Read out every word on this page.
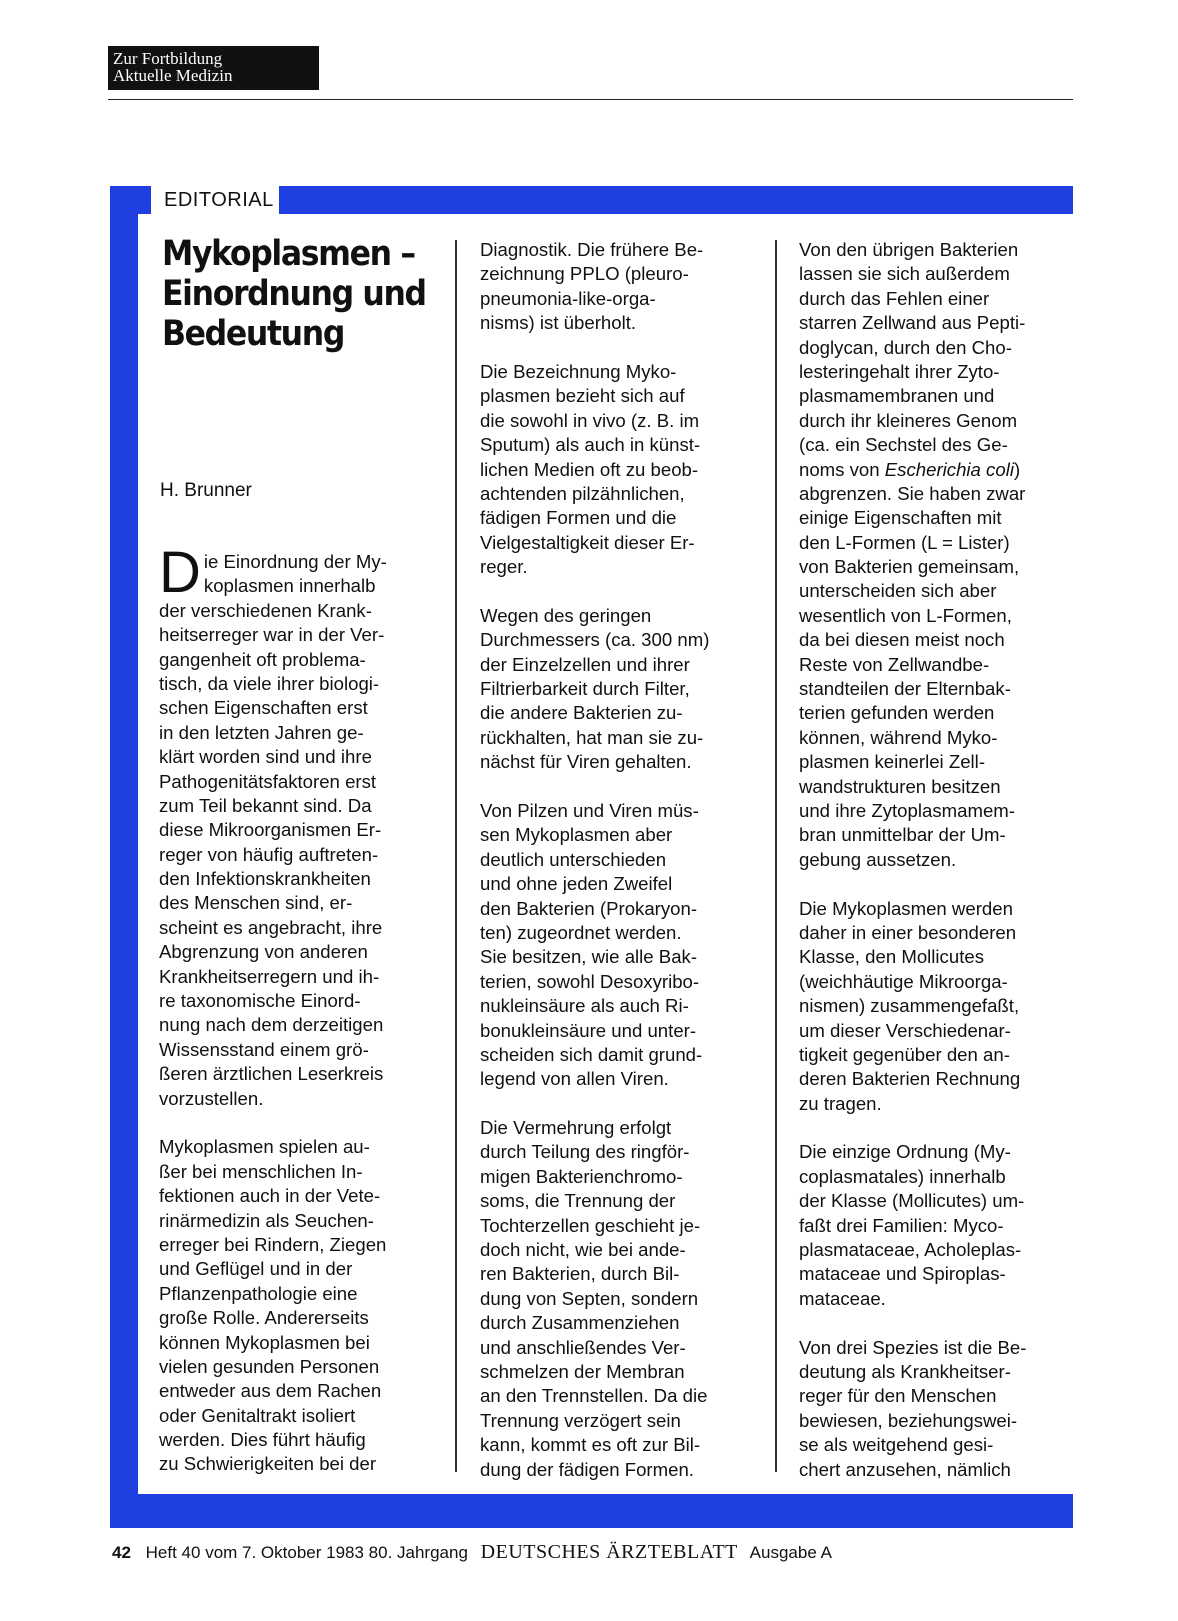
Zur Fortbildung
Aktuelle Medizin
EDITORIAL
Mykoplasmen –
Einordnung und
Bedeutung
H. Brunner
D ie Einordnung der My-
koplasmen innerhalb
der verschiedenen Krank-
heitserreger war in der Ver-
gangenheit oft problema-
tisch, da viele ihrer biologi-
schen Eigenschaften erst
in den letzten Jahren ge-
klärt worden sind und ihre
Pathogenitätsfaktoren erst
zum Teil bekannt sind. Da
diese Mikroorganismen Er-
reger von häufig auftreten-
den Infektionskrankheiten
des Menschen sind, er-
scheint es angebracht, ihre
Abgrenzung von anderen
Krankheitserregern und ih-
re taxonomische Einord-
nung nach dem derzeitigen
Wissensstand einem grö-
ßeren ärztlichen Leserkreis
vorzustellen.
Mykoplasmen spielen au-
ßer bei menschlichen In-
fektionen auch in der Vete-
rinärmedizin als Seuchen-
erreger bei Rindern, Ziegen
und Geflügel und in der
Pflanzenpathologie eine
große Rolle. Andererseits
können Mykoplasmen bei
vielen gesunden Personen
entweder aus dem Rachen
oder Genitaltrakt isoliert
werden. Dies führt häufig
zu Schwierigkeiten bei der
Diagnostik. Die frühere Be-
zeichnung PPLO (pleuro-
pneumonia-like-orga-
nisms) ist überholt.
Die Bezeichnung Myko-
plasmen bezieht sich auf
die sowohl in vivo (z. B. im
Sputum) als auch in künst-
lichen Medien oft zu beob-
achtenden pilzähnlichen,
fädigen Formen und die
Vielgestaltigkeit dieser Er-
reger.
Wegen des geringen
Durchmessers (ca. 300 nm)
der Einzelzellen und ihrer
Filtrierbarkeit durch Filter,
die andere Bakterien zu-
rückhalten, hat man sie zu-
nächst für Viren gehalten.
Von Pilzen und Viren müs-
sen Mykoplasmen aber
deutlich unterschieden
und ohne jeden Zweifel
den Bakterien (Prokaryon-
ten) zugeordnet werden.
Sie besitzen, wie alle Bak-
terien, sowohl Desoxyribo-
nukleinsäure als auch Ri-
bonukleinsäure und unter-
scheiden sich damit grund-
legend von allen Viren.
Die Vermehrung erfolgt
durch Teilung des ringför-
migen Bakterienchromo-
soms, die Trennung der
Tochterzellen geschieht je-
doch nicht, wie bei ande-
ren Bakterien, durch Bil-
dung von Septen, sondern
durch Zusammenziehen
und anschließendes Ver-
schmelzen der Membran
an den Trennstellen. Da die
Trennung verzögert sein
kann, kommt es oft zur Bil-
dung der fädigen Formen.
Von den übrigen Bakterien
lassen sie sich außerdem
durch das Fehlen einer
starren Zellwand aus Pepti-
doglycan, durch den Cho-
lesteringehalt ihrer Zyto-
plasmamembranen und
durch ihr kleineres Genom
(ca. ein Sechstel des Ge-
noms von Escherichia coli)
abgrenzen. Sie haben zwar
einige Eigenschaften mit
den L-Formen (L = Lister)
von Bakterien gemeinsam,
unterscheiden sich aber
wesentlich von L-Formen,
da bei diesen meist noch
Reste von Zellwandbe-
standteilen der Elternbak-
terien gefunden werden
können, während Myko-
plasmen keinerlei Zell-
wandstrukturen besitzen
und ihre Zytoplasmamem-
bran unmittelbar der Um-
gebung aussetzen.
Die Mykoplasmen werden
daher in einer besonderen
Klasse, den Mollicutes
(weichhäutige Mikroorga-
nismen) zusammengefaßt,
um dieser Verschiedenar-
tigkeit gegenüber den an-
deren Bakterien Rechnung
zu tragen.
Die einzige Ordnung (My-
coplasmatales) innerhalb
der Klasse (Mollicutes) um-
faßt drei Familien: Myco-
plasmataceae, Acholeplas-
mataceae und Spiroplas-
mataceae.
Von drei Spezies ist die Be-
deutung als Krankheitser-
reger für den Menschen
bewiesen, beziehungswei-
se als weitgehend gesi-
chert anzusehen, nämlich
42 Heft 40 vom 7. Oktober 1983 80. Jahrgang DEUTSCHES ÄRZTEBLATT Ausgabe A
